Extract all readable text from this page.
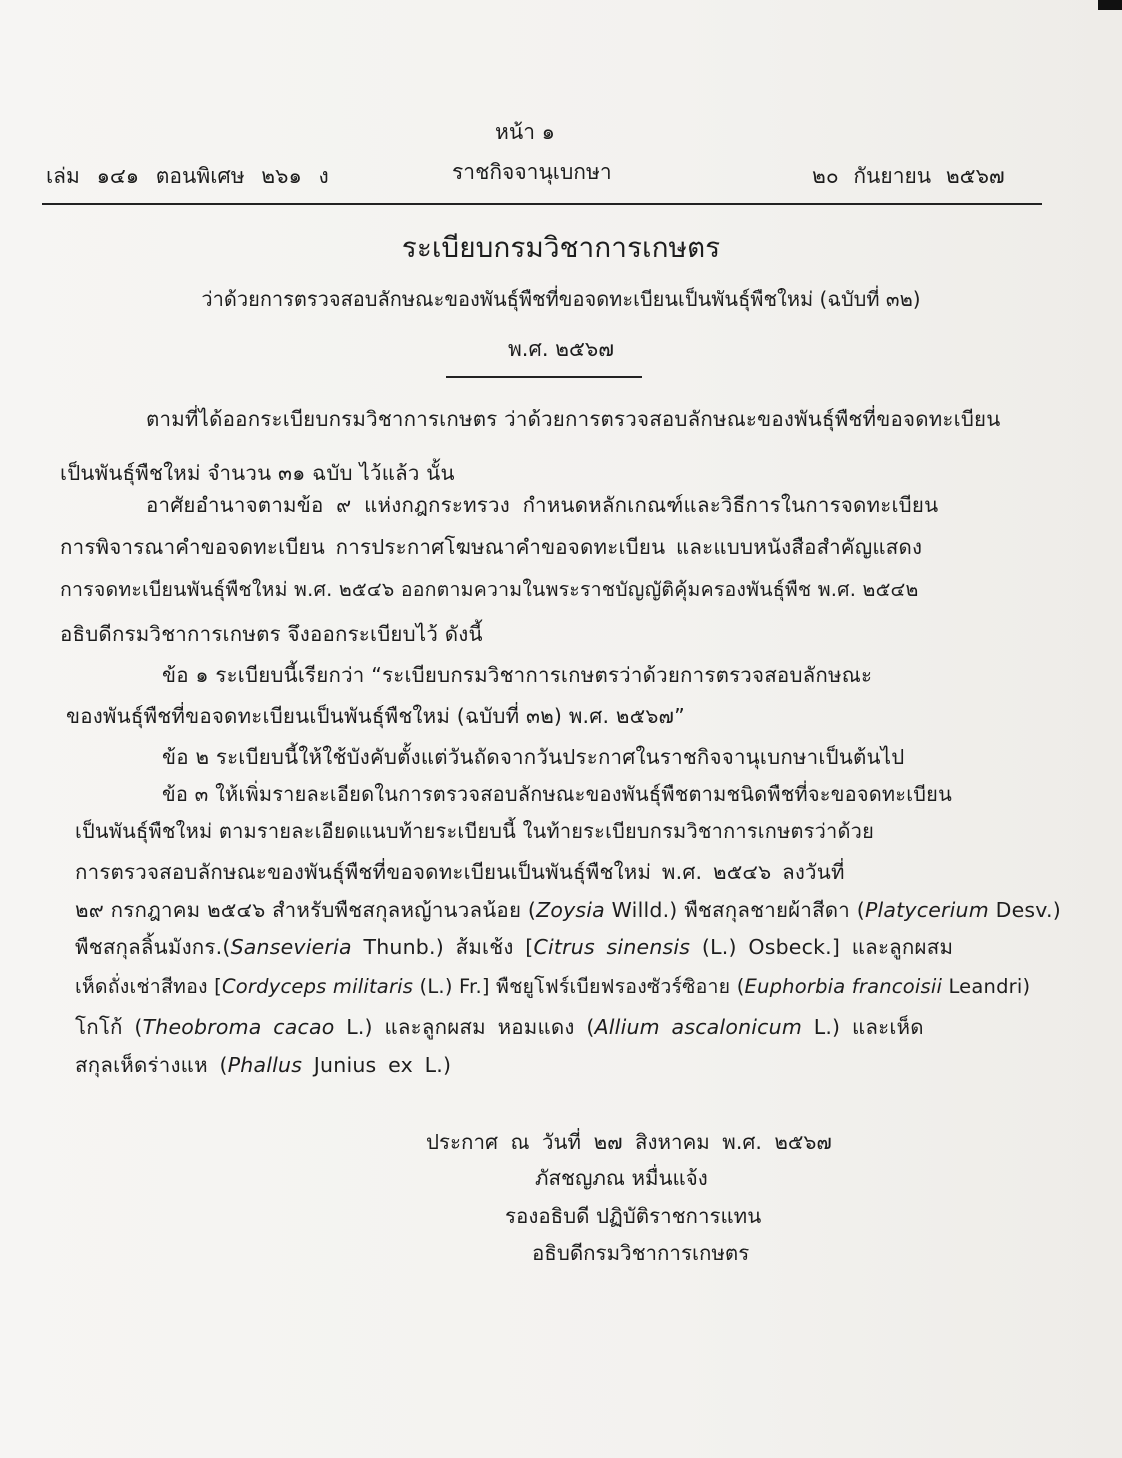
หน้า ๑
เล่ม ๑๔๑ ตอนพิเศษ ๒๖๑ ง	ราชกิจจานุเบกษา	๒๐ กันยายน ๒๕๖๗
ระเบียบกรมวิชาการเกษตร
ว่าด้วยการตรวจสอบลักษณะของพันธุ์พืชที่ขอจดทะเบียนเป็นพันธุ์พืชใหม่ (ฉบับที่ ๓๒)
พ.ศ. ๒๕๖๗
ตามที่ได้ออกระเบียบกรมวิชาการเกษตร ว่าด้วยการตรวจสอบลักษณะของพันธุ์พืชที่ขอจดทะเบียน
เป็นพันธุ์พืชใหม่ จำนวน ๓๑ ฉบับ ไว้แล้ว นั้น
อาศัยอำนาจตามข้อ ๙ แห่งกฎกระทรวง กำหนดหลักเกณฑ์และวิธีการในการจดทะเบียน
การพิจารณาคำขอจดทะเบียน การประกาศโฆษณาคำขอจดทะเบียน และแบบหนังสือสำคัญแสดง
การจดทะเบียนพันธุ์พืชใหม่ พ.ศ. ๒๕๔๖ ออกตามความในพระราชบัญญัติคุ้มครองพันธุ์พืช พ.ศ. ๒๕๔๒
อธิบดีกรมวิชาการเกษตร จึงออกระเบียบไว้ ดังนี้
ข้อ ๑ ระเบียบนี้เรียกว่า “ระเบียบกรมวิชาการเกษตรว่าด้วยการตรวจสอบลักษณะ
ของพันธุ์พืชที่ขอจดทะเบียนเป็นพันธุ์พืชใหม่ (ฉบับที่ ๓๒) พ.ศ. ๒๕๖๗”
ข้อ ๒ ระเบียบนี้ให้ใช้บังคับตั้งแต่วันถัดจากวันประกาศในราชกิจจานุเบกษาเป็นต้นไป
ข้อ ๓ ให้เพิ่มรายละเอียดในการตรวจสอบลักษณะของพันธุ์พืชตามชนิดพืชที่จะขอจดทะเบียน
เป็นพันธุ์พืชใหม่ ตามรายละเอียดแนบท้ายระเบียบนี้ ในท้ายระเบียบกรมวิชาการเกษตรว่าด้วย
การตรวจสอบลักษณะของพันธุ์พืชที่ขอจดทะเบียนเป็นพันธุ์พืชใหม่ พ.ศ. ๒๕๔๖ ลงวันที่
๒๙ กรกฎาคม ๒๕๔๖ สำหรับพืชสกุลหญ้านวลน้อย (Zoysia Willd.) พืชสกุลชายผ้าสีดา (Platycerium Desv.)
พืชสกุลลิ้นมังกร.(Sansevieria Thunb.) ส้มเช้ง [Citrus sinensis (L.) Osbeck.] และลูกผสม
เห็ดถั่งเช่าสีทอง [Cordyceps militaris (L.) Fr.] พืชยูโฟร์เบียฟรองซัวร์ซิอาย (Euphorbia francoisii Leandri)
โกโก้ (Theobroma cacao L.) และลูกผสม หอมแดง (Allium ascalonicum L.) และเห็ด
สกุลเห็ดร่างแห (Phallus Junius ex L.)
ประกาศ ณ วันที่ ๒๗ สิงหาคม พ.ศ. ๒๕๖๗
ภัสชญภณ หมื่นแจ้ง
รองอธิบดี ปฏิบัติราชการแทน
อธิบดีกรมวิชาการเกษตร
